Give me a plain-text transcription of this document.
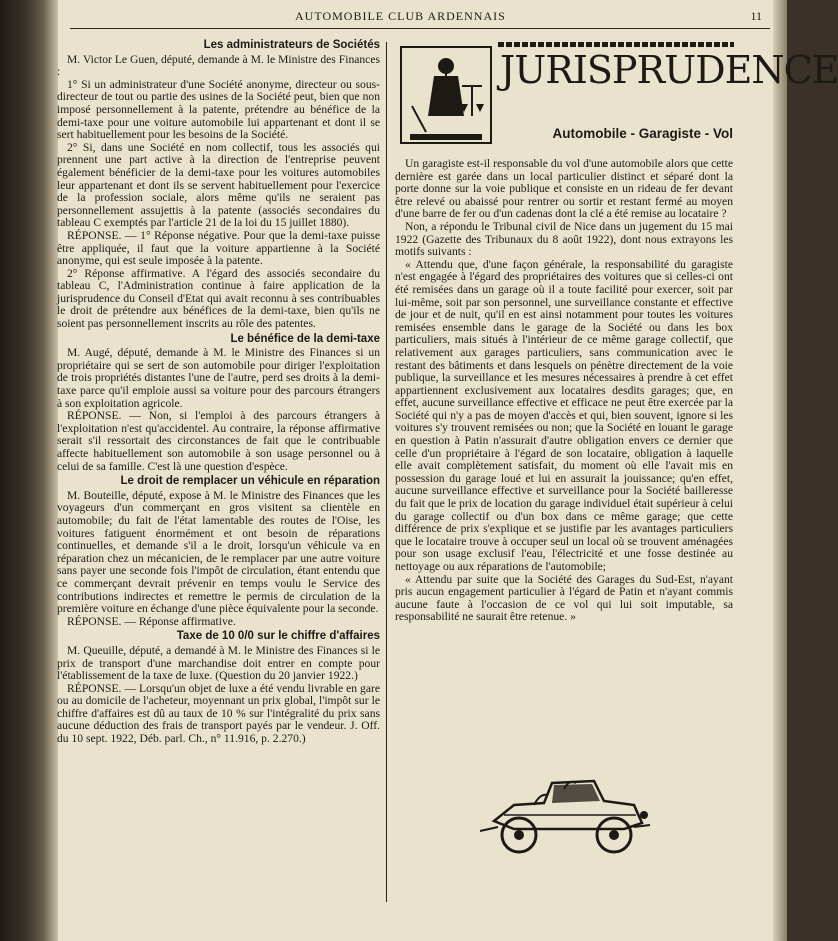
AUTOMOBILE CLUB ARDENNAIS	11
Les administrateurs de Sociétés

M. Victor Le Guen, député, demande à M. le Ministre des Finances :

1° Si un administrateur d'une Société anonyme, directeur ou sous-directeur de tout ou partie des usines de la Société peut, bien que non imposé personnellement à la patente, prétendre au bénéfice de la demi-taxe pour une voiture automobile lui appartenant et dont il se sert habituellement pour les besoins de la Société.

2° Si, dans une Société en nom collectif, tous les associés qui prennent une part active à la direction de l'entreprise peuvent également bénéficier de la demi-taxe pour les voitures automobiles leur appartenant et dont ils se servent habituellement pour l'exercice de la profession sociale, alors même qu'ils ne seraient pas personnellement assujettis à la patente (associés secondaires du tableau C exemptés par l'article 21 de la loi du 15 juillet 1880).

RÉPONSE. — 1° Réponse négative. Pour que la demi-taxe puisse être appliquée, il faut que la voiture appartienne à la Société anonyme, qui est seule imposée à la patente.

2° Réponse affirmative. A l'égard des associés secondaire du tableau C, l'Administration continue à faire application de la jurisprudence du Conseil d'Etat qui avait reconnu à ses contribuables le droit de prétendre aux bénéfices de la demi-taxe, bien qu'ils ne soient pas personnellement inscrits au rôle des patentes.

Le bénéfice de la demi-taxe

M. Augé, député, demande à M. le Ministre des Finances si un propriétaire qui se sert de son automobile pour diriger l'exploitation de trois propriétés distantes l'une de l'autre, perd ses droits à la demi-taxe parce qu'il emploie aussi sa voiture pour des parcours étrangers à son exploitation agricole.

RÉPONSE. — Non, si l'emploi à des parcours étrangers à l'exploitation n'est qu'accidentel. Au contraire, la réponse affirmative serait s'il ressortait des circonstances de fait que le contribuable affecte habituellement son automobile à son usage personnel ou à celui de sa famille. C'est là une question d'espèce.

Le droit de remplacer un véhicule en réparation

M. Bouteille, député, expose à M. le Ministre des Finances que les voyageurs d'un commerçant en gros visitent sa clientèle en automobile; du fait de l'état lamentable des routes de l'Oise, les voitures fatiguent énormément et ont besoin de réparations continuelles, et demande s'il a le droit, lorsqu'un véhicule va en réparation chez un mécanicien, de le remplacer par une autre voiture sans payer une seconde fois l'impôt de circulation, étant entendu que ce commerçant devrait prévenir en temps voulu le Service des contributions indirectes et remettre le permis de circulation de la première voiture en échange d'une pièce équivalente pour la seconde.

RÉPONSE. — Réponse affirmative.

Taxe de 10 0/0 sur le chiffre d'affaires

M. Queuille, député, a demandé à M. le Ministre des Finances si le prix de transport d'une marchandise doit entrer en compte pour l'établissement de la taxe de luxe. (Question du 20 janvier 1922.)

RÉPONSE. — Lorsqu'un objet de luxe a été vendu livrable en gare ou au domicile de l'acheteur, moyennant un prix global, l'impôt sur le chiffre d'affaires est dû au taux de 10 % sur l'intégralité du prix sans aucune déduction des frais de transport payés par le vendeur. J. Off. du 10 sept. 1922, Déb. parl. Ch., n° 11.916, p. 2.270.)

JURISPRUDENCE
Automobile - Garagiste - Vol

Un garagiste est-il responsable du vol d'une automobile alors que cette dernière est garée dans un local particulier distinct et séparé dont la porte donne sur la voie publique et consiste en un rideau de fer devant être relevé ou abaissé pour rentrer ou sortir et restant fermé au moyen d'une barre de fer ou d'un cadenas dont la clé a été remise au locataire ?

Non, a répondu le Tribunal civil de Nice dans un jugement du 15 mai 1922 (Gazette des Tribunaux du 8 août 1922), dont nous extrayons les motifs suivants :

« Attendu que, d'une façon générale, la responsabilité du garagiste n'est engagée à l'égard des propriétaires des voitures que si celles-ci ont été remisées dans un garage où il a toute facilité pour exercer, soit par lui-même, soit par son personnel, une surveillance constante et effective de jour et de nuit, qu'il en est ainsi notamment pour toutes les voitures remisées ensemble dans le garage de la Société ou dans les box particuliers, mais situés à l'intérieur de ce même garage collectif, que relativement aux garages particuliers, sans communication avec le restant des bâtiments et dans lesquels on pénètre directement de la voie publique, la surveillance et les mesures nécessaires à prendre à cet effet appartiennent exclusivement aux locataires desdits garages; que, en effet, aucune surveillance effective et efficace ne peut être exercée par la Société qui n'y a pas de moyen d'accès et qui, bien souvent, ignore si les voitures s'y trouvent remisées ou non; que la Société en louant le garage en question à Patin n'assurait d'autre obligation envers ce dernier que celle d'un propriétaire à l'égard de son locataire, obligation à laquelle elle avait complètement satisfait, du moment où elle l'avait mis en possession du garage loué et lui en assurait la jouissance; qu'en effet, aucune surveillance effective et surveillance pour la Société bailleresse du fait que le prix de location du garage individuel était supérieur à celui du garage collectif ou d'un box dans ce même garage; que cette différence de prix s'explique et se justifie par les avantages particuliers que le locataire trouve à occuper seul un local où se trouvent aménagées pour son usage exclusif l'eau, l'électricité et une fosse destinée au nettoyage ou aux réparations de l'automobile;

« Attendu par suite que la Société des Garages du Sud-Est, n'ayant pris aucun engagement particulier à l'égard de Patin et n'ayant commis aucune faute à l'occasion de ce vol qui lui soit imputable, sa responsabilité ne saurait être retenue. »
